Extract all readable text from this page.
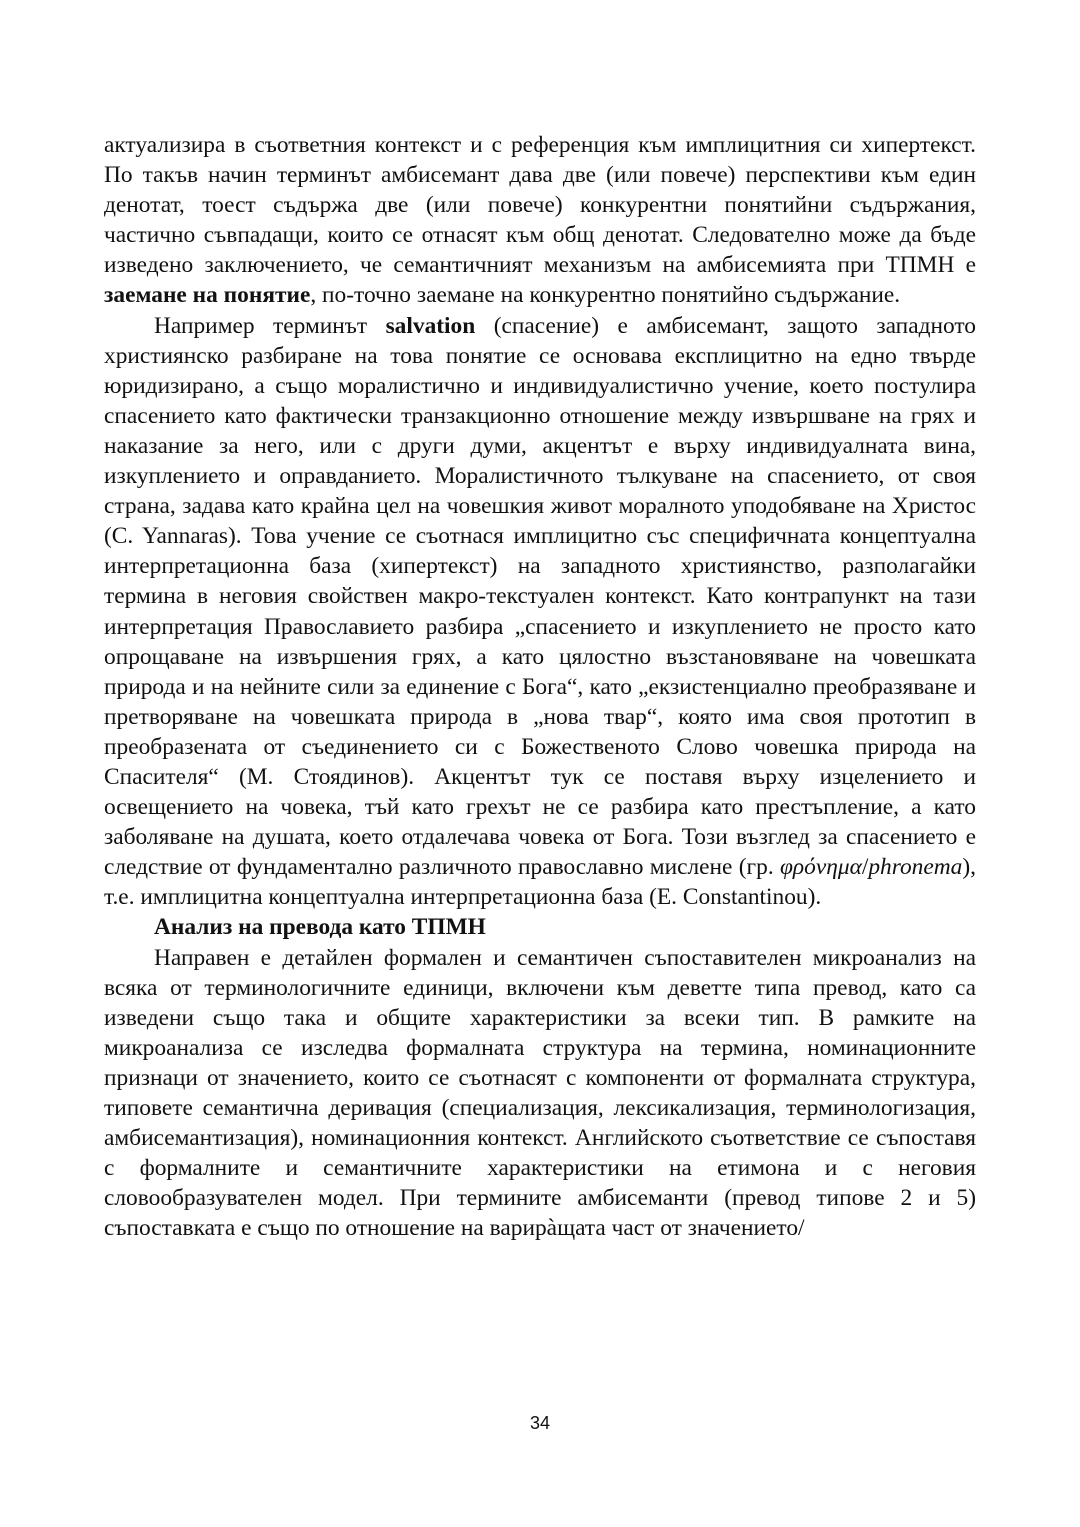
актуализира в съответния контекст и с референция към имплицитния си хипертекст. По такъв начин терминът амбисемант дава две (или повече) перспективи към един денотат, тоест съдържа две (или повече) конкурентни понятийни съдържания, частично съвпадащи, които се отнасят към общ денотат. Следователно може да бъде изведено заключението, че семантичният механизъм на амбисемията при ТПМН е заемане на понятие, по-точно заемане на конкурентно понятийно съдържание.

Например терминът salvation (спасение) е амбисемант, защото западното християнско разбиране на това понятие се основава експлицитно на едно твърде юридизирано, а също моралистично и индивидуалистично учение, което постулира спасението като фактически транзакционно отношение между извършване на грях и наказание за него, или с други думи, акцентът е върху индивидуалната вина, изкуплението и оправданието. Моралистичното тълкуване на спасението, от своя страна, задава като крайна цел на човешкия живот моралното уподобяване на Христос (C. Yannaras). Това учение се съотнася имплицитно със специфичната концептуална интерпретационна база (хипертекст) на западното християнство, разполагайки термина в неговия свойствен макро-текстуален контекст. Като контрапункт на тази интерпретация Православието разбира „спасението и изкуплението не просто като опрощаване на извършения грях, а като цялостно възстановяване на човешката природа и на нейните сили за единение с Бога“, като „екзистенциално преобразяване и претворяване на човешката природа в „нова твар“, която има своя прототип в преобразената от съединението си с Божественото Слово човешка природа на Спасителя“ (М. Стоядинов). Акцентът тук се поставя върху изцелението и освещението на човека, тъй като грехът не се разбира като престъпление, а като заболяване на душата, което отдалечава човека от Бога. Този възглед за спасението е следствие от фундаментално различното православно мислене (гр. φρόνημα/phronema), т.е. имплицитна концептуална интерпретационна база (E. Constantinou).

Анализ на превода като ТПМН

Направен е детайлен формален и семантичен съпоставителен микроанализ на всяка от терминологичните единици, включени към деветте типа превод, като са изведени също така и общите характеристики за всеки тип. В рамките на микроанализа се изследва формалната структура на термина, номинационните признаци от значението, които се съотнасят с компоненти от формалната структура, типовете семантична деривация (специализация, лексикализация, терминологизация, амбисемантизация), номинационния контекст. Английското съответствие се съпоставя с формалните и семантичните характеристики на етимона и с неговия словообразувателен модел. При термините амбисеманти (превод типове 2 и 5) съпоставката е също по отношение на варирàщата част от значението/

34
